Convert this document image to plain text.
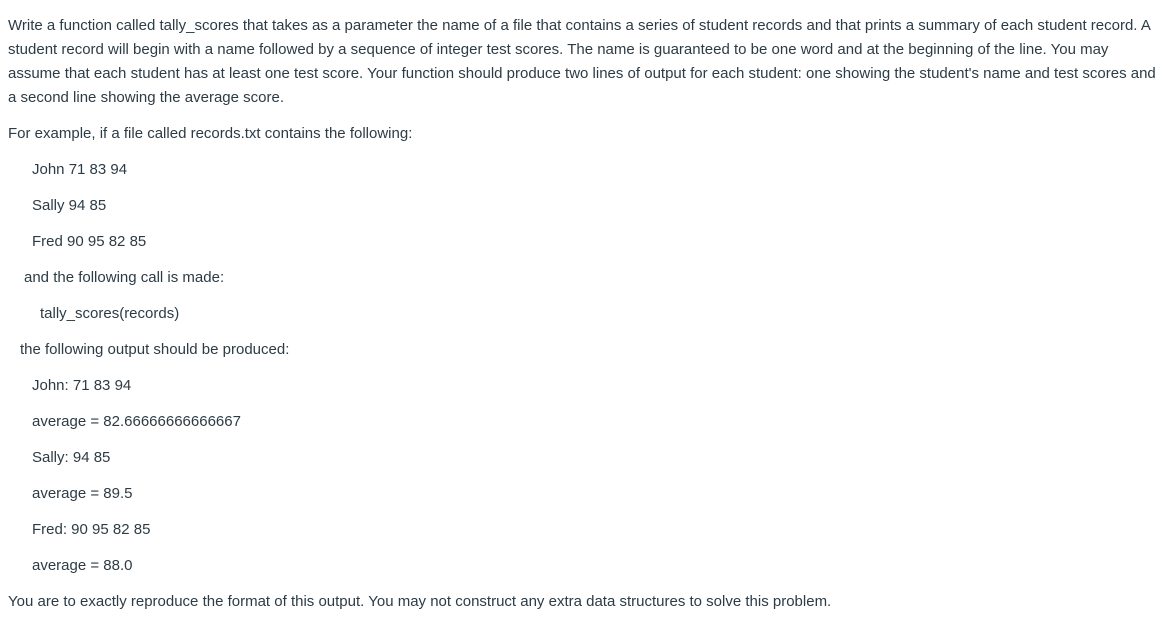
Write a function called tally_scores that takes as a parameter the name of a file that contains a series of student records and that prints a summary of each student record. A student record will begin with a name followed by a sequence of integer test scores. The name is guaranteed to be one word and at the beginning of the line. You may assume that each student has at least one test score. Your function should produce two lines of output for each student: one showing the student's name and test scores and a second line showing the average score.

For example, if a file called records.txt contains the following:

John 71 83 94

Sally 94 85

Fred 90 95 82 85

and the following call is made:

tally_scores(records)

the following output should be produced:

John: 71 83 94

average = 82.66666666666667

Sally: 94 85

average = 89.5

Fred: 90 95 82 85

average = 88.0

You are to exactly reproduce the format of this output. You may not construct any extra data structures to solve this problem.
